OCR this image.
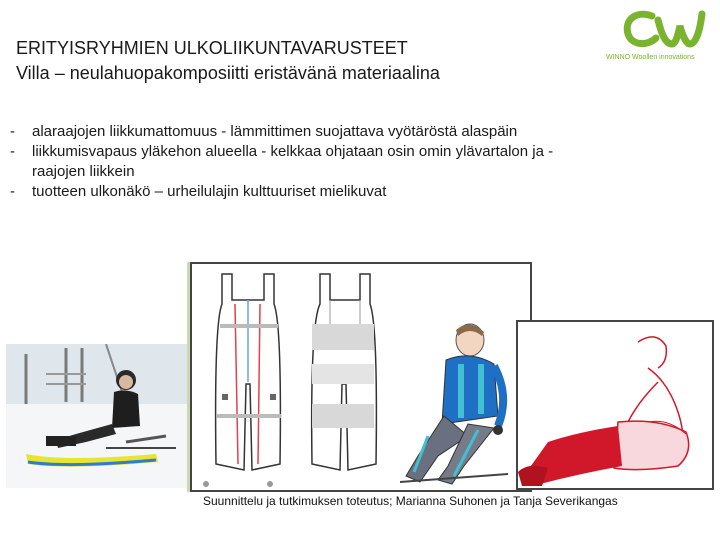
ERITYISRYHMIEN ULKOLIIKUNTAVARUSTEET
Villa – neulahuopakomposiitti eristävänä materiaalina
WINNO Woollen innovations
-	alaraajojen liikkumattomuus - lämmittimen suojattava vyötäröstä alaspäin
-	liikkumisvapaus yläkehon alueella - kelkkaa ohjataan osin omin ylävartalon ja -
raajojen liikkein
-	tuotteen ulkonäkö – urheilulajin kulttuuriset mielikuvat
Suunnittelu ja tutkimuksen toteutus; Marianna Suhonen ja Tanja Severikangas
